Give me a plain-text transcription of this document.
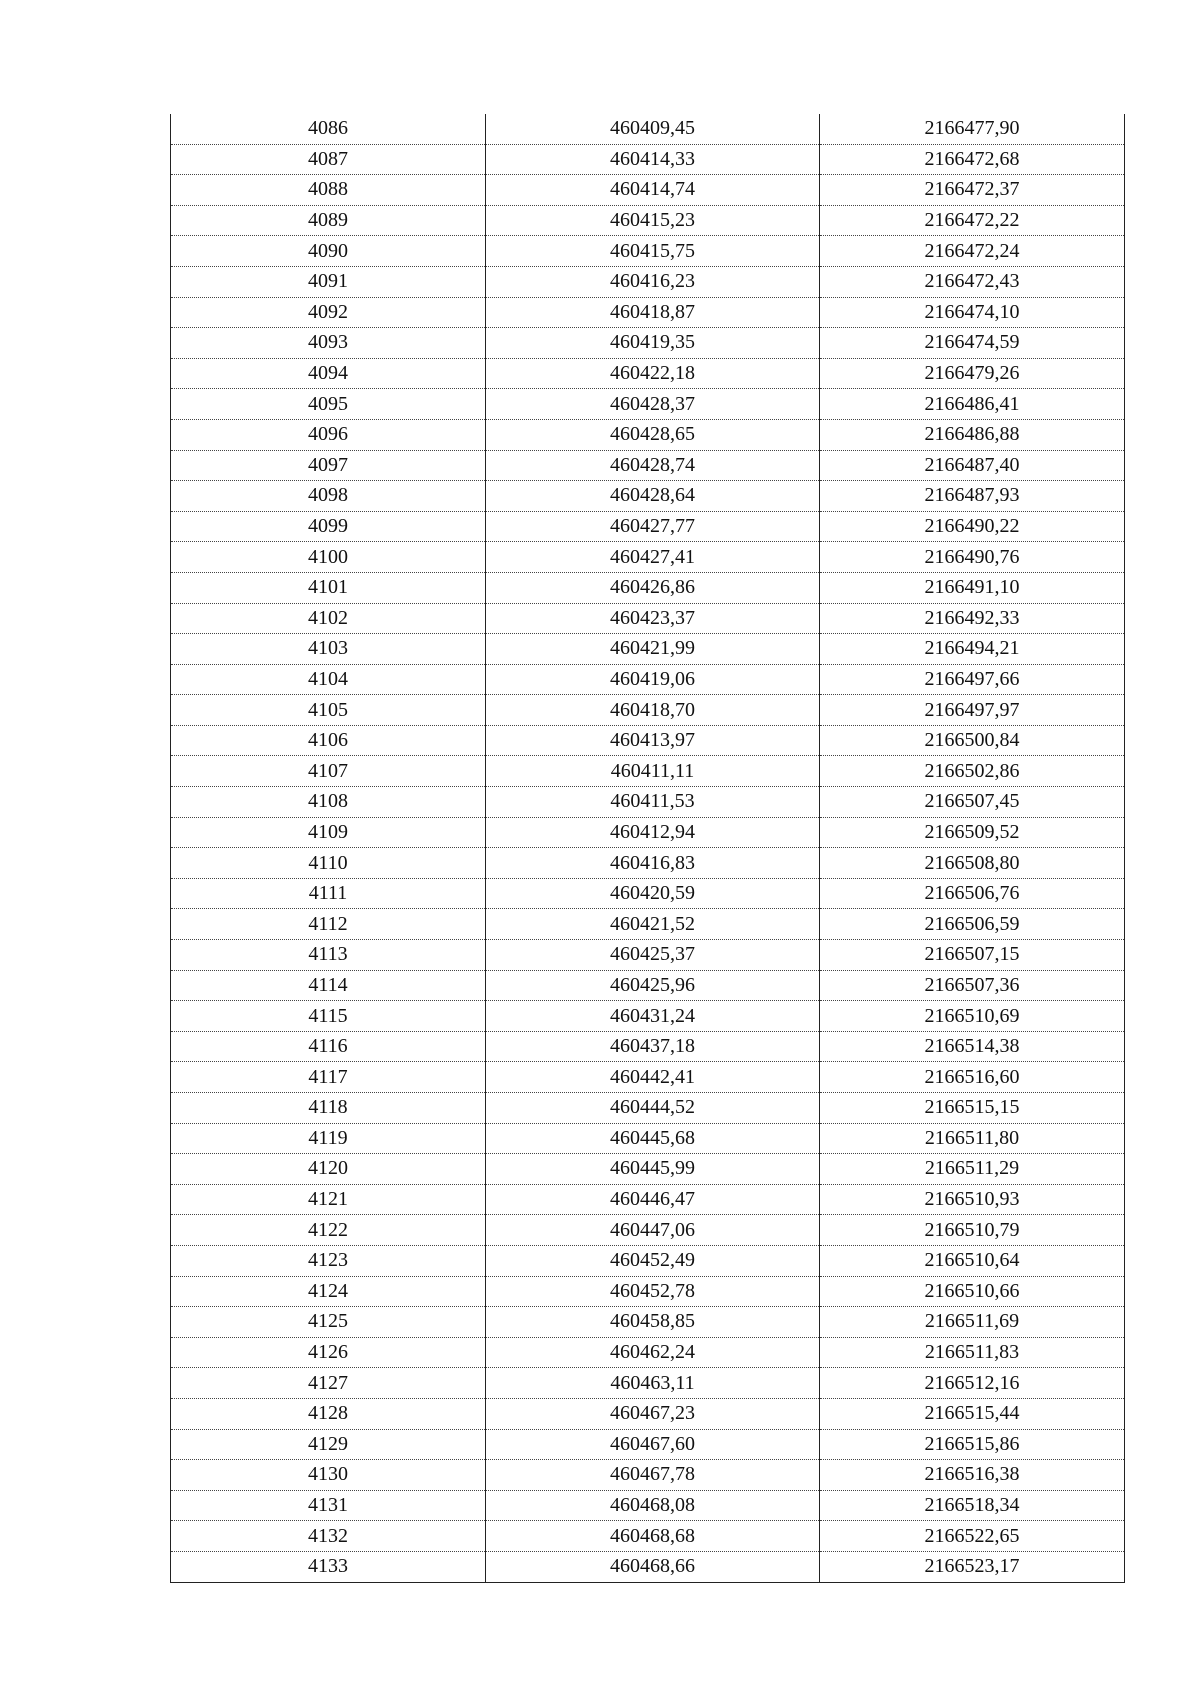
4086	460409,45	2166477,90
4087	460414,33	2166472,68
4088	460414,74	2166472,37
4089	460415,23	2166472,22
4090	460415,75	2166472,24
4091	460416,23	2166472,43
4092	460418,87	2166474,10
4093	460419,35	2166474,59
4094	460422,18	2166479,26
4095	460428,37	2166486,41
4096	460428,65	2166486,88
4097	460428,74	2166487,40
4098	460428,64	2166487,93
4099	460427,77	2166490,22
4100	460427,41	2166490,76
4101	460426,86	2166491,10
4102	460423,37	2166492,33
4103	460421,99	2166494,21
4104	460419,06	2166497,66
4105	460418,70	2166497,97
4106	460413,97	2166500,84
4107	460411,11	2166502,86
4108	460411,53	2166507,45
4109	460412,94	2166509,52
4110	460416,83	2166508,80
4111	460420,59	2166506,76
4112	460421,52	2166506,59
4113	460425,37	2166507,15
4114	460425,96	2166507,36
4115	460431,24	2166510,69
4116	460437,18	2166514,38
4117	460442,41	2166516,60
4118	460444,52	2166515,15
4119	460445,68	2166511,80
4120	460445,99	2166511,29
4121	460446,47	2166510,93
4122	460447,06	2166510,79
4123	460452,49	2166510,64
4124	460452,78	2166510,66
4125	460458,85	2166511,69
4126	460462,24	2166511,83
4127	460463,11	2166512,16
4128	460467,23	2166515,44
4129	460467,60	2166515,86
4130	460467,78	2166516,38
4131	460468,08	2166518,34
4132	460468,68	2166522,65
4133	460468,66	2166523,17
